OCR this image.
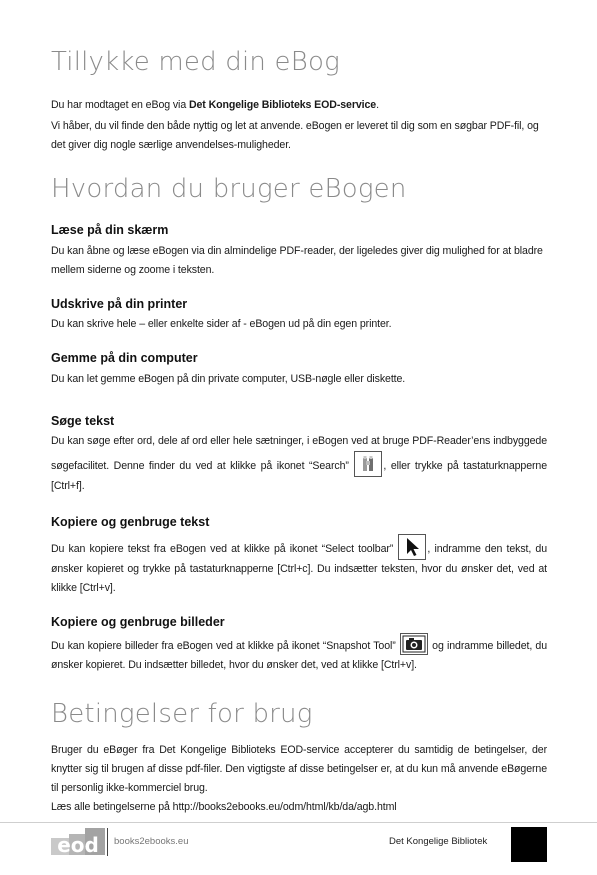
Tillykke med din eBog

Du har modtaget en eBog via Det Kongelige Biblioteks EOD-service.

Vi håber, du vil finde den både nyttig og let at anvende. eBogen er leveret til dig som en søgbar PDF-fil, og det giver dig nogle særlige anvendelses-muligheder.

Hvordan du bruger eBogen
Læse på din skærm

Du kan åbne og læse eBogen via din almindelige PDF-reader, der ligeledes giver dig mulighed for at bladre mellem siderne og zoome i teksten.

Udskrive på din printer

Du kan skrive hele – eller enkelte sider af - eBogen ud på din egen printer.

Gemme på din computer

Du kan let gemme eBogen på din private computer, USB-nøgle eller diskette.

Søge tekst

Du kan søge efter ord, dele af ord eller hele sætninger, i eBogen ved at bruge PDF-Reader’ens indbyggede søgefacilitet. Denne finder du ved at klikke på ikonet “Search”	, eller trykke på tastaturknapperne [Ctrl+f].

Kopiere og genbruge tekst

Du kan kopiere tekst fra eBogen ved at klikke på ikonet “Select toolbar”	, indramme den tekst, du ønsker kopieret og trykke på tastaturknapperne [Ctrl+c]. Du indsætter teksten, hvor du ønsker det, ved at klikke [Ctrl+v].

Kopiere og genbruge billeder

Du kan kopiere billeder fra eBogen ved at klikke på ikonet “Snapshot Tool”	og indramme billedet, du ønsker kopieret. Du indsætter billedet, hvor du ønsker det, ved at klikke [Ctrl+v].

Betingelser for brug

Bruger du eBøger fra Det Kongelige Biblioteks EOD-service accepterer du samtidig de betingelser, der knytter sig til brugen af disse pdf-filer. Den vigtigste af disse betingelser er, at du kun må anvende eBøgerne til personlig ikke-kommerciel brug.

Læs alle betingelserne på http://books2ebooks.eu/odm/html/kb/da/agb.html

eod books2ebooks.eu	Det Kongelige Bibliotek
